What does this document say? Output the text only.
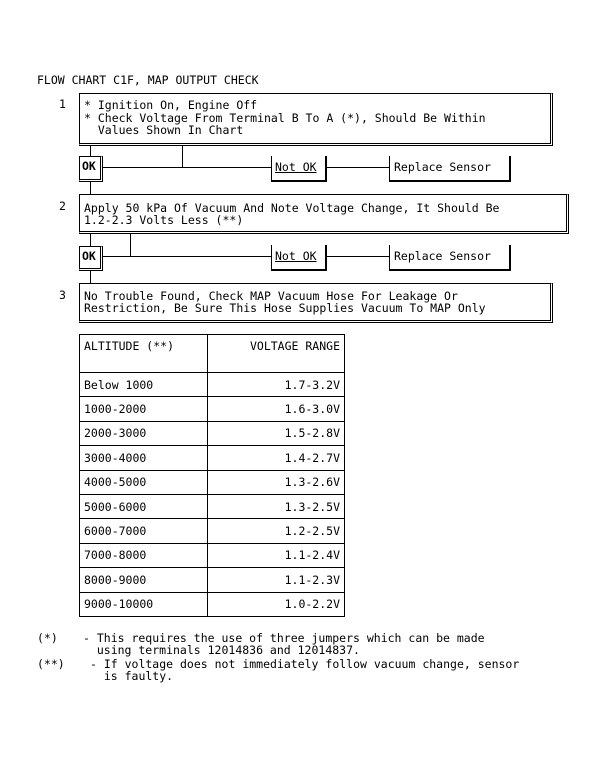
FLOW CHART C1F, MAP OUTPUT CHECK
1 * Ignition On, Engine Off
* Check Voltage From Terminal B To A (*), Should Be Within
Values Shown In Chart
OK	Not OK	Replace Sensor
2 Apply 50 kPa Of Vacuum And Note Voltage Change, It Should Be
1.2-2.3 Volts Less (**)
OK	Not OK	Replace Sensor
3 No Trouble Found, Check MAP Vacuum Hose For Leakage Or
Restriction, Be Sure This Hose Supplies Vacuum To MAP Only
ALTITUDE (**)	VOLTAGE RANGE
Below 1000	1.7-3.2V
1000-2000	1.6-3.0V
2000-3000	1.5-2.8V
3000-4000	1.4-2.7V
4000-5000	1.3-2.6V
5000-6000	1.3-2.5V
6000-7000	1.2-2.5V
7000-8000	1.1-2.4V
8000-9000	1.1-2.3V
9000-10000	1.0-2.2V
(*) - This requires the use of three jumpers which can be made
using terminals 12014836 and 12014837.
(**) - If voltage does not immediately follow vacuum change, sensor
is faulty.
